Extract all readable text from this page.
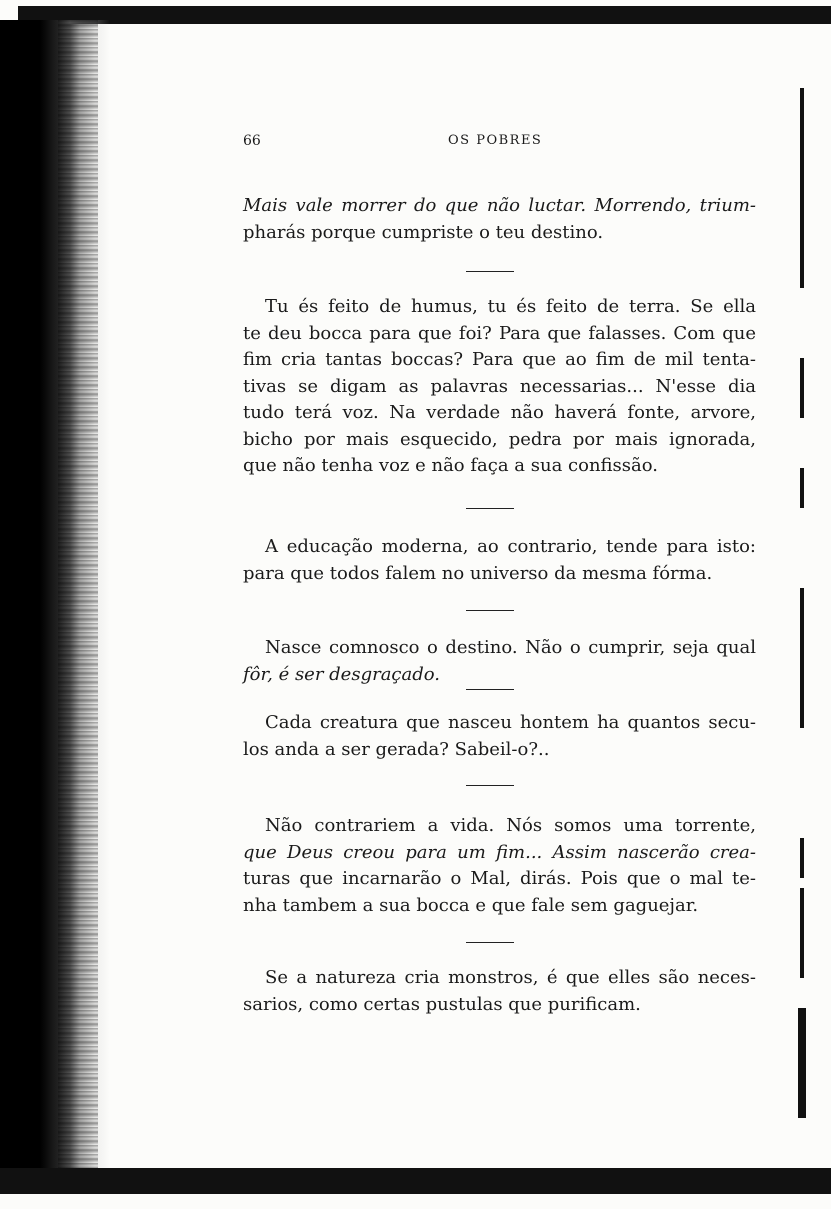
66	OS POBRES
Mais vale morrer do que não luctar. Morrendo, trium-
pharás porque cumpriste o teu destino.
Tu és feito de humus, tu és feito de terra. Se ella
te deu bocca para que foi? Para que falasses. Com que
fim cria tantas boccas? Para que ao fim de mil tenta-
tivas se digam as palavras necessarias... N'esse dia
tudo terá voz. Na verdade não haverá fonte, arvore,
bicho por mais esquecido, pedra por mais ignorada,
que não tenha voz e não faça a sua confissão.
A educação moderna, ao contrario, tende para isto:
para que todos falem no universo da mesma fórma.
Nasce comnosco o destino. Não o cumprir, seja qual
fôr, é ser desgraçado.
Cada creatura que nasceu hontem ha quantos secu-
los anda a ser gerada? Sabeil-o?..
Não contrariem a vida. Nós somos uma torrente,
que Deus creou para um fim... Assim nascerão crea-
turas que incarnarão o Mal, dirás. Pois que o mal te-
nha tambem a sua bocca e que fale sem gaguejar.
Se a natureza cria monstros, é que elles são neces-
sarios, como certas pustulas que purificam.
